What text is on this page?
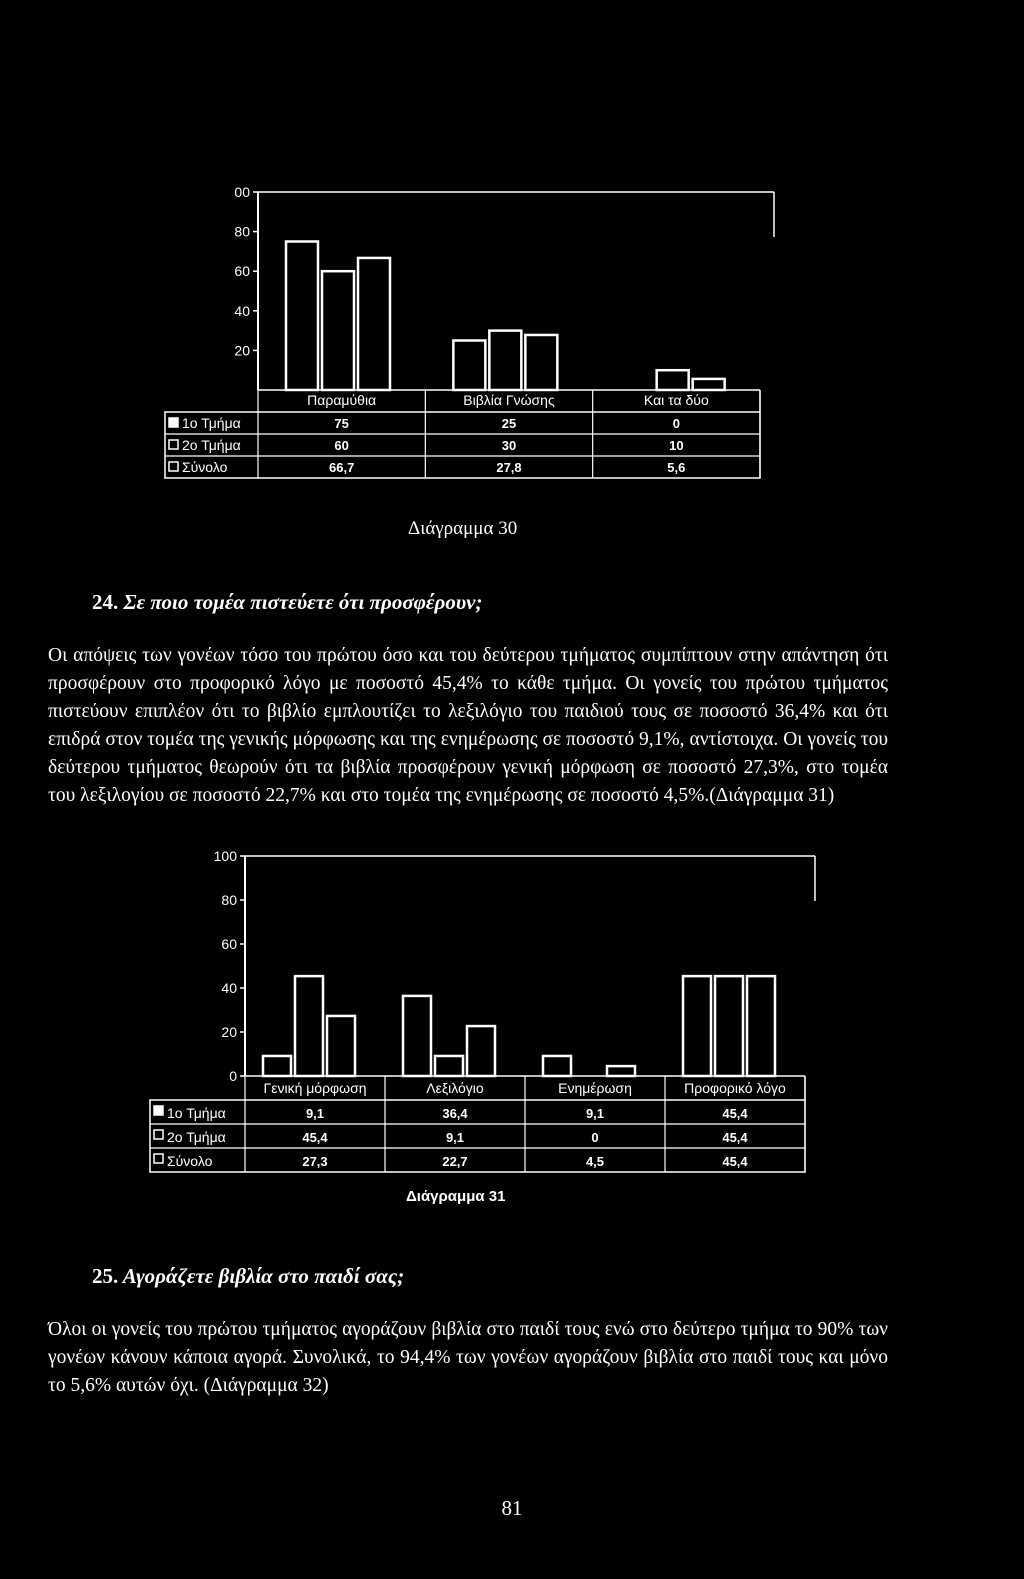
00
80
60
40
20
Παραμύθια	Βιβλία Γνώσης	Και τα δύο
1ο Τμήμα	75	25	0
2ο Τμήμα	60	30	10
Σύνολο	66,7	27,8	5,6
Διάγραμμα 30
24. Σε ποιο τομέα πιστεύετε ότι προσφέρουν;

Οι απόψεις των γονέων τόσο του πρώτου όσο και του δεύτερου τμήματος συμπίπτουν στην απάντηση ότι προσφέρουν στο προφορικό λόγο με ποσοστό 45,4% το κάθε τμήμα. Οι γονείς του πρώτου τμήματος πιστεύουν επιπλέον ότι το βιβλίο εμπλουτίζει το λεξιλόγιο του παιδιού τους σε ποσοστό 36,4% και ότι επιδρά στον τομέα της γενικής μόρφωσης και της ενημέρωσης σε ποσοστό 9,1%, αντίστοιχα. Οι γονείς του δεύτερου τμήματος θεωρούν ότι τα βιβλία προσφέρουν γενική μόρφωση σε ποσοστό 27,3%, στο τομέα του λεξιλογίου σε ποσοστό 22,7% και στο τομέα της ενημέρωσης σε ποσοστό 4,5%.(Διάγραμμα 31)

100
80
60
40
20
0
Γενική μόρφωση	Λεξιλόγιο	Ενημέρωση	Προφορικό λόγο
1ο Τμήμα	9,1	36,4	9,1	45,4
2ο Τμήμα	45,4	9,1	0	45,4
Σύνολο	27,3	22,7	4,5	45,4
Διάγραμμα 31
25. Αγοράζετε βιβλία στο παιδί σας;

Όλοι οι γονείς του πρώτου τμήματος αγοράζουν βιβλία στο παιδί τους ενώ στο δεύτερο τμήμα το 90% των γονέων κάνουν κάποια αγορά. Συνολικά, το 94,4% των γονέων αγοράζουν βιβλία στο παιδί τους και μόνο το 5,6% αυτών όχι. (Διάγραμμα 32)

81
